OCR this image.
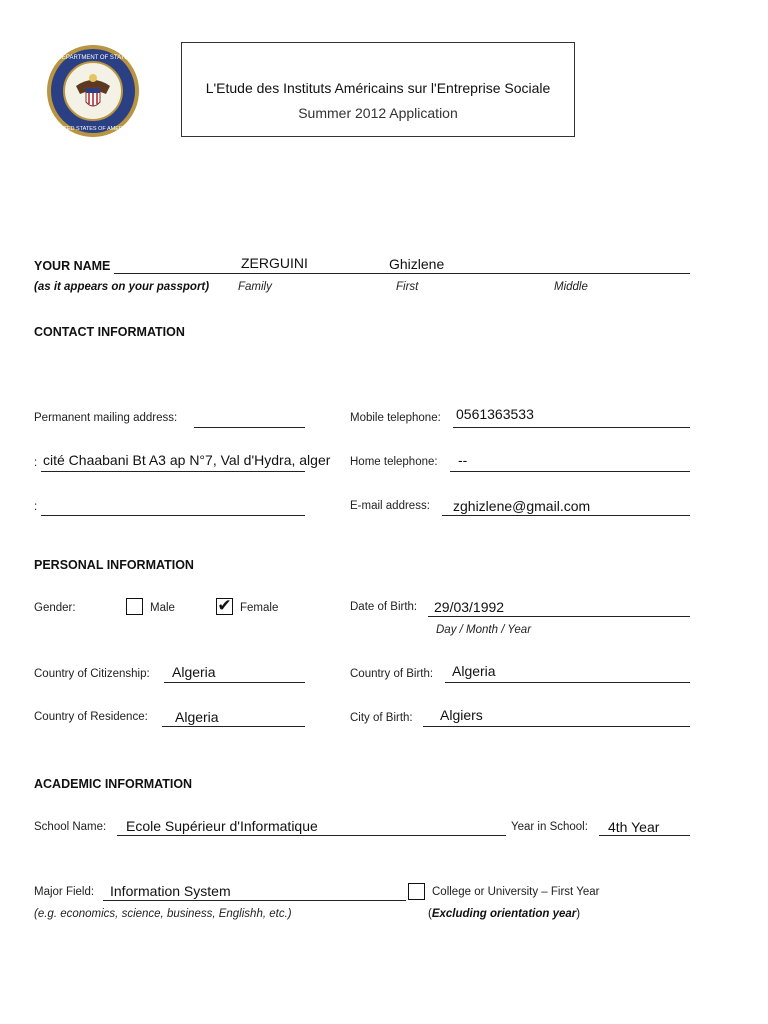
DEPARTMENT OF STATE
UNITED STATES OF AMERICA
L'Etude des Instituts Américains sur l'Entreprise Sociale
Summer 2012 Application
YOUR NAME	ZERGUINI	Ghizlene
(as it appears on your passport)	Family	First	Middle
CONTACT INFORMATION
Permanent mailing address:
: cité Chaabani Bt A3 ap N°7, Val d'Hydra, alger
:
Mobile telephone: 0561363533
Home telephone: --
E-mail address: zghizlene@gmail.com
PERSONAL INFORMATION
Gender:	Male ✔ Female	Date of Birth: 29/03/1992
Day / Month / Year
Country of Citizenship: Algeria	Country of Birth: Algeria
Country of Residence: Algeria	City of Birth: Algiers
ACADEMIC INFORMATION
School Name: Ecole Supérieur d'Informatique	Year in School: 4th Year
Major Field: Information System
(e.g. economics, science, business, Englishh, etc.)
College or University – First Year
(Excluding orientation year)
